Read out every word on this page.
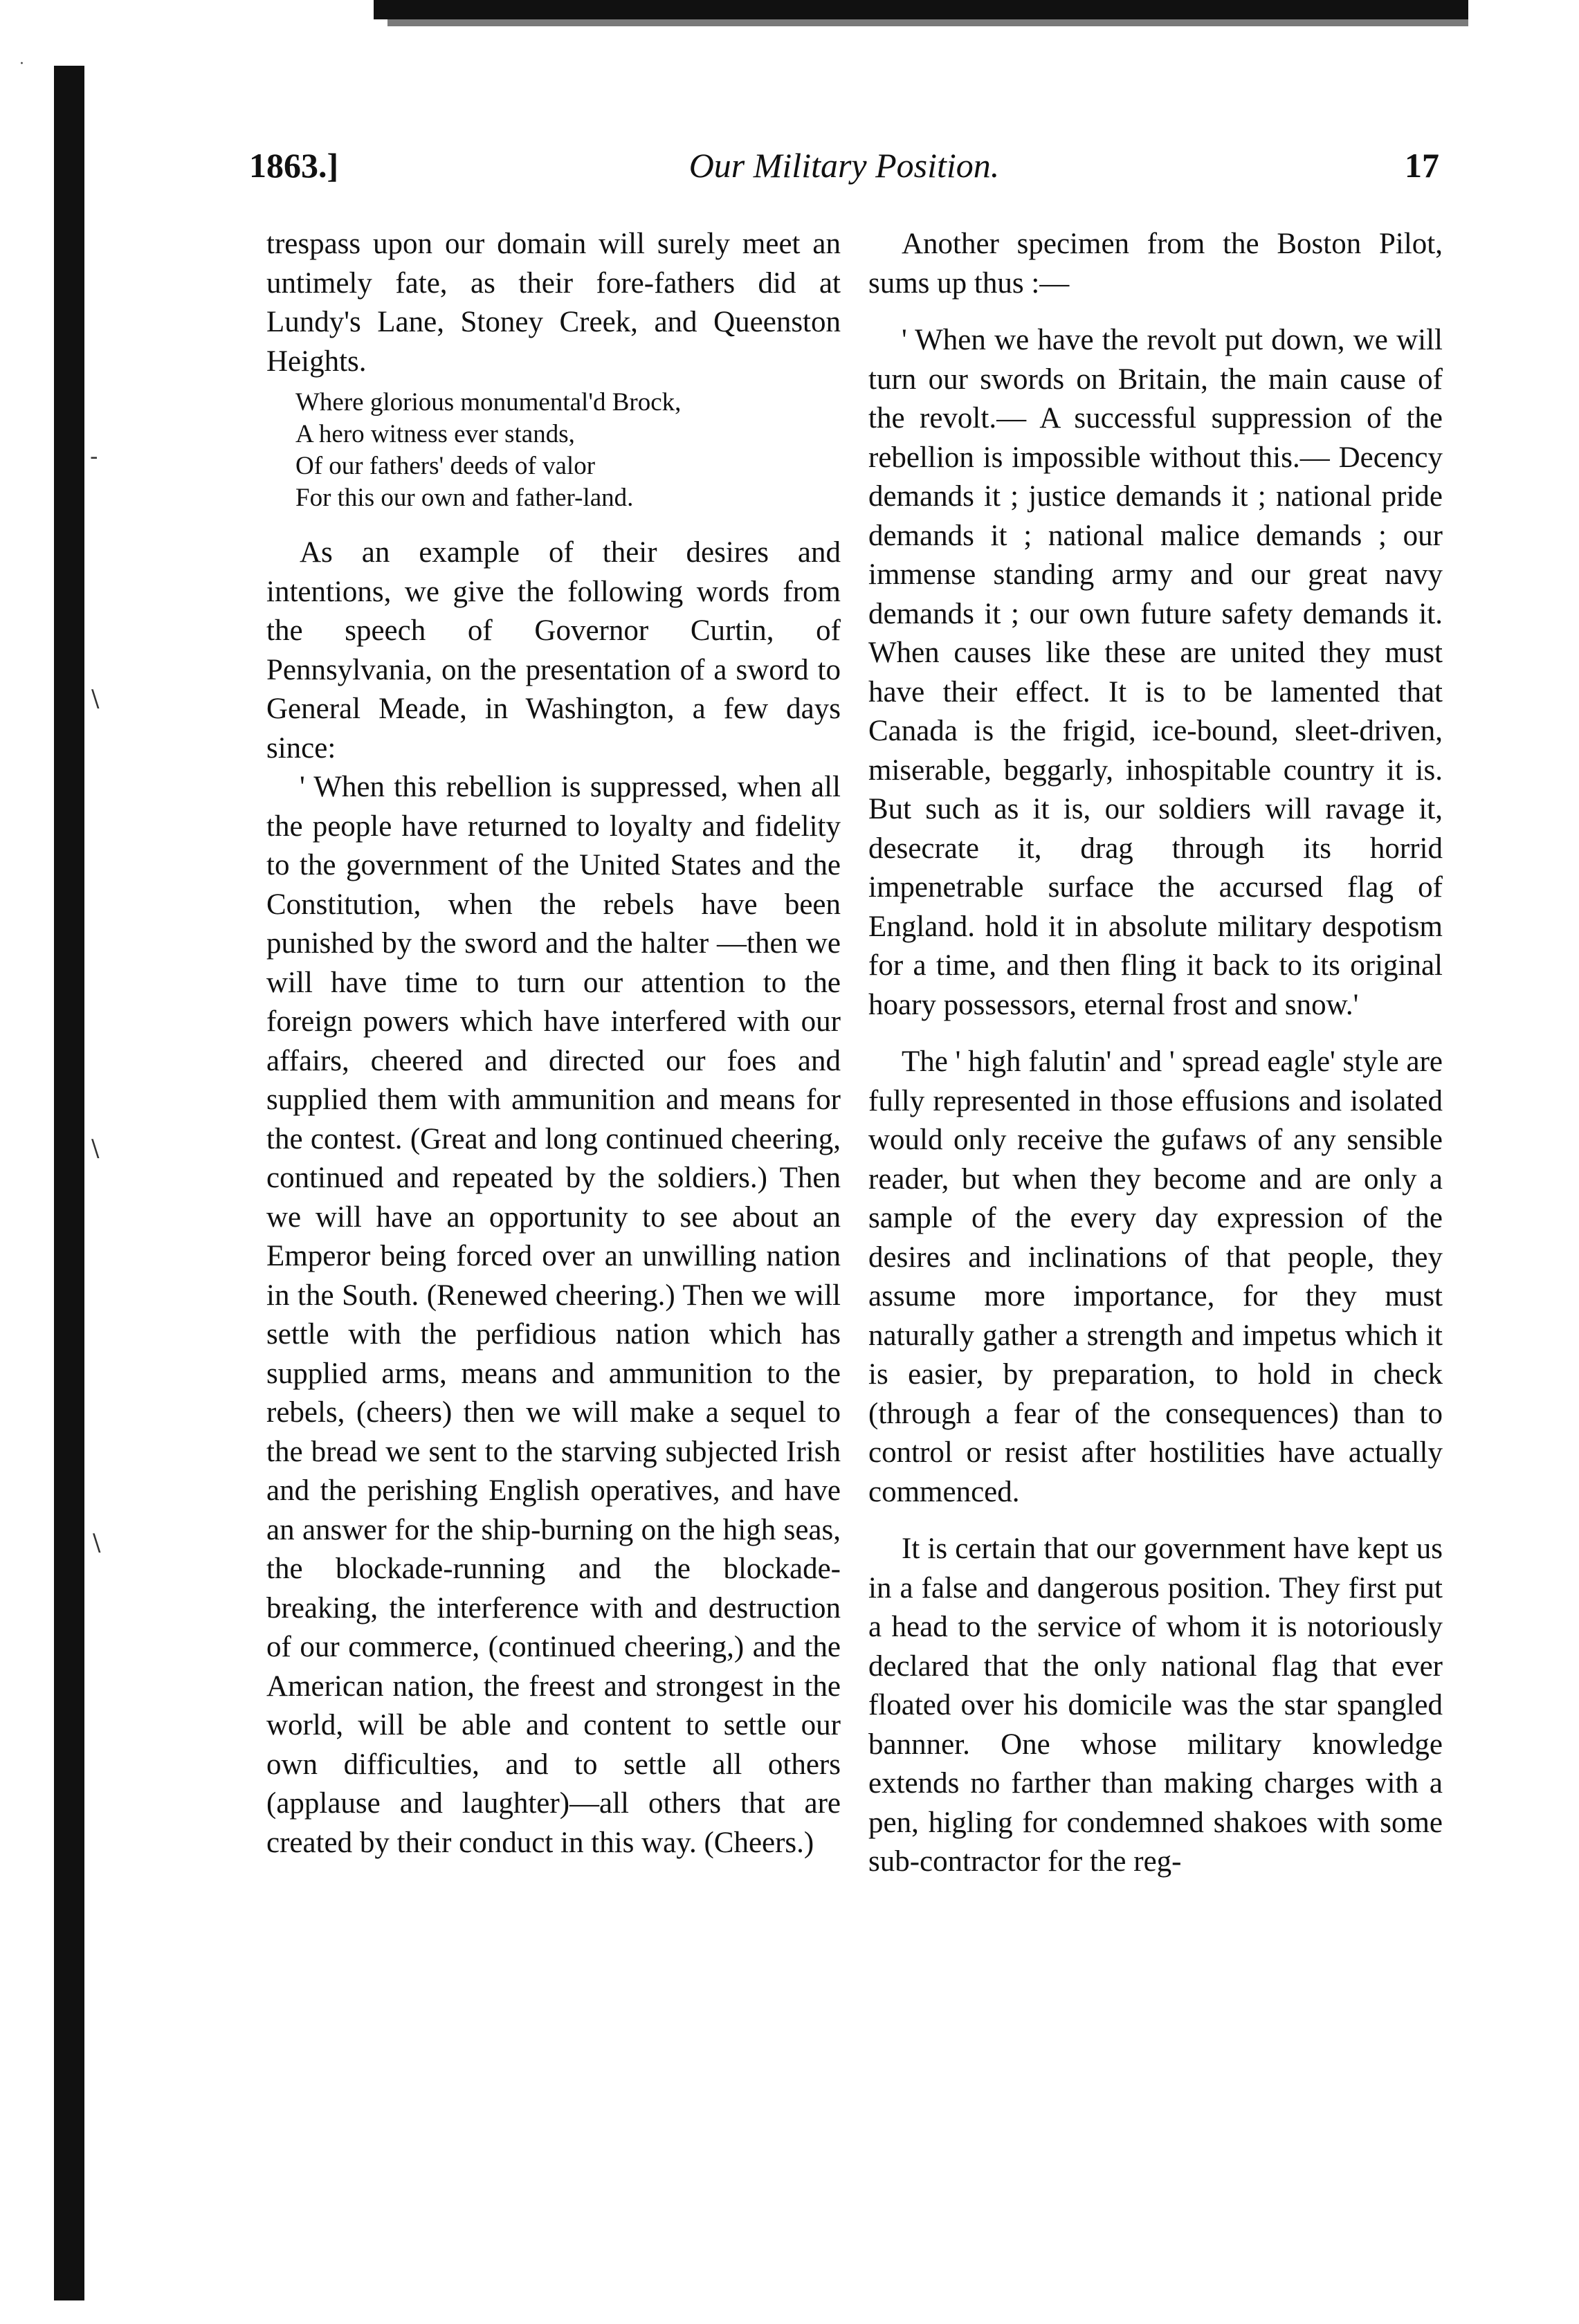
·
-
\
\
\
1863.]	Our Military Position.	17

trespass upon our domain will surely meet an untimely fate, as their fore-fathers did at Lundy's Lane, Stoney Creek, and Queenston Heights.

Where glorious monumental'd Brock,
A hero witness ever stands,
Of our fathers' deeds of valor
For this our own and father-land.

As an example of their desires and intentions, we give the following words from the speech of Governor Curtin, of Pennsylvania, on the presentation of a sword to General Meade, in Washington, a few days since:

' When this rebellion is suppressed, when all the people have returned to loyalty and fidelity to the government of the United States and the Constitution, when the rebels have been punished by the sword and the halter —then we will have time to turn our attention to the foreign powers which have interfered with our affairs, cheered and directed our foes and supplied them with ammunition and means for the contest. (Great and long continued cheering, continued and repeated by the soldiers.) Then we will have an opportunity to see about an Emperor being forced over an unwilling nation in the South. (Renewed cheering.) Then we will settle with the perfidious nation which has supplied arms, means and ammunition to the rebels, (cheers) then we will make a sequel to the bread we sent to the starving subjected Irish and the perishing English operatives, and have an answer for the ship-burning on the high seas, the blockade-running and the blockade-breaking, the interference with and destruction of our commerce, (continued cheering,) and the American nation, the freest and strongest in the world, will be able and content to settle our own difficulties, and to settle all others (applause and laughter)—all others that are created by their conduct in this way. (Cheers.)

Another specimen from the Boston Pilot, sums up thus :—

' When we have the revolt put down, we will turn our swords on Britain, the main cause of the revolt.— A successful suppression of the rebellion is impossible without this.— Decency demands it ; justice demands it ; national pride demands it ; national malice demands ; our immense standing army and our great navy demands it ; our own future safety demands it. When causes like these are united they must have their effect. It is to be lamented that Canada is the frigid, ice-bound, sleet-driven, miserable, beggarly, inhospitable country it is. But such as it is, our soldiers will ravage it, desecrate it, drag through its horrid impenetrable surface the accursed flag of England. hold it in absolute military despotism for a time, and then fling it back to its original hoary possessors, eternal frost and snow.'

The ' high falutin' and ' spread eagle' style are fully represented in those effusions and isolated would only receive the gufaws of any sensible reader, but when they become and are only a sample of the every day expression of the desires and inclinations of that people, they assume more importance, for they must naturally gather a strength and impetus which it is easier, by preparation, to hold in check (through a fear of the consequences) than to control or resist after hostilities have actually commenced.

It is certain that our government have kept us in a false and dangerous position. They first put a head to the service of whom it is notoriously declared that the only national flag that ever floated over his domicile was the star spangled bannner. One whose military knowledge extends no farther than making charges with a pen, higling for condemned shakoes with some sub-contractor for the reg-
